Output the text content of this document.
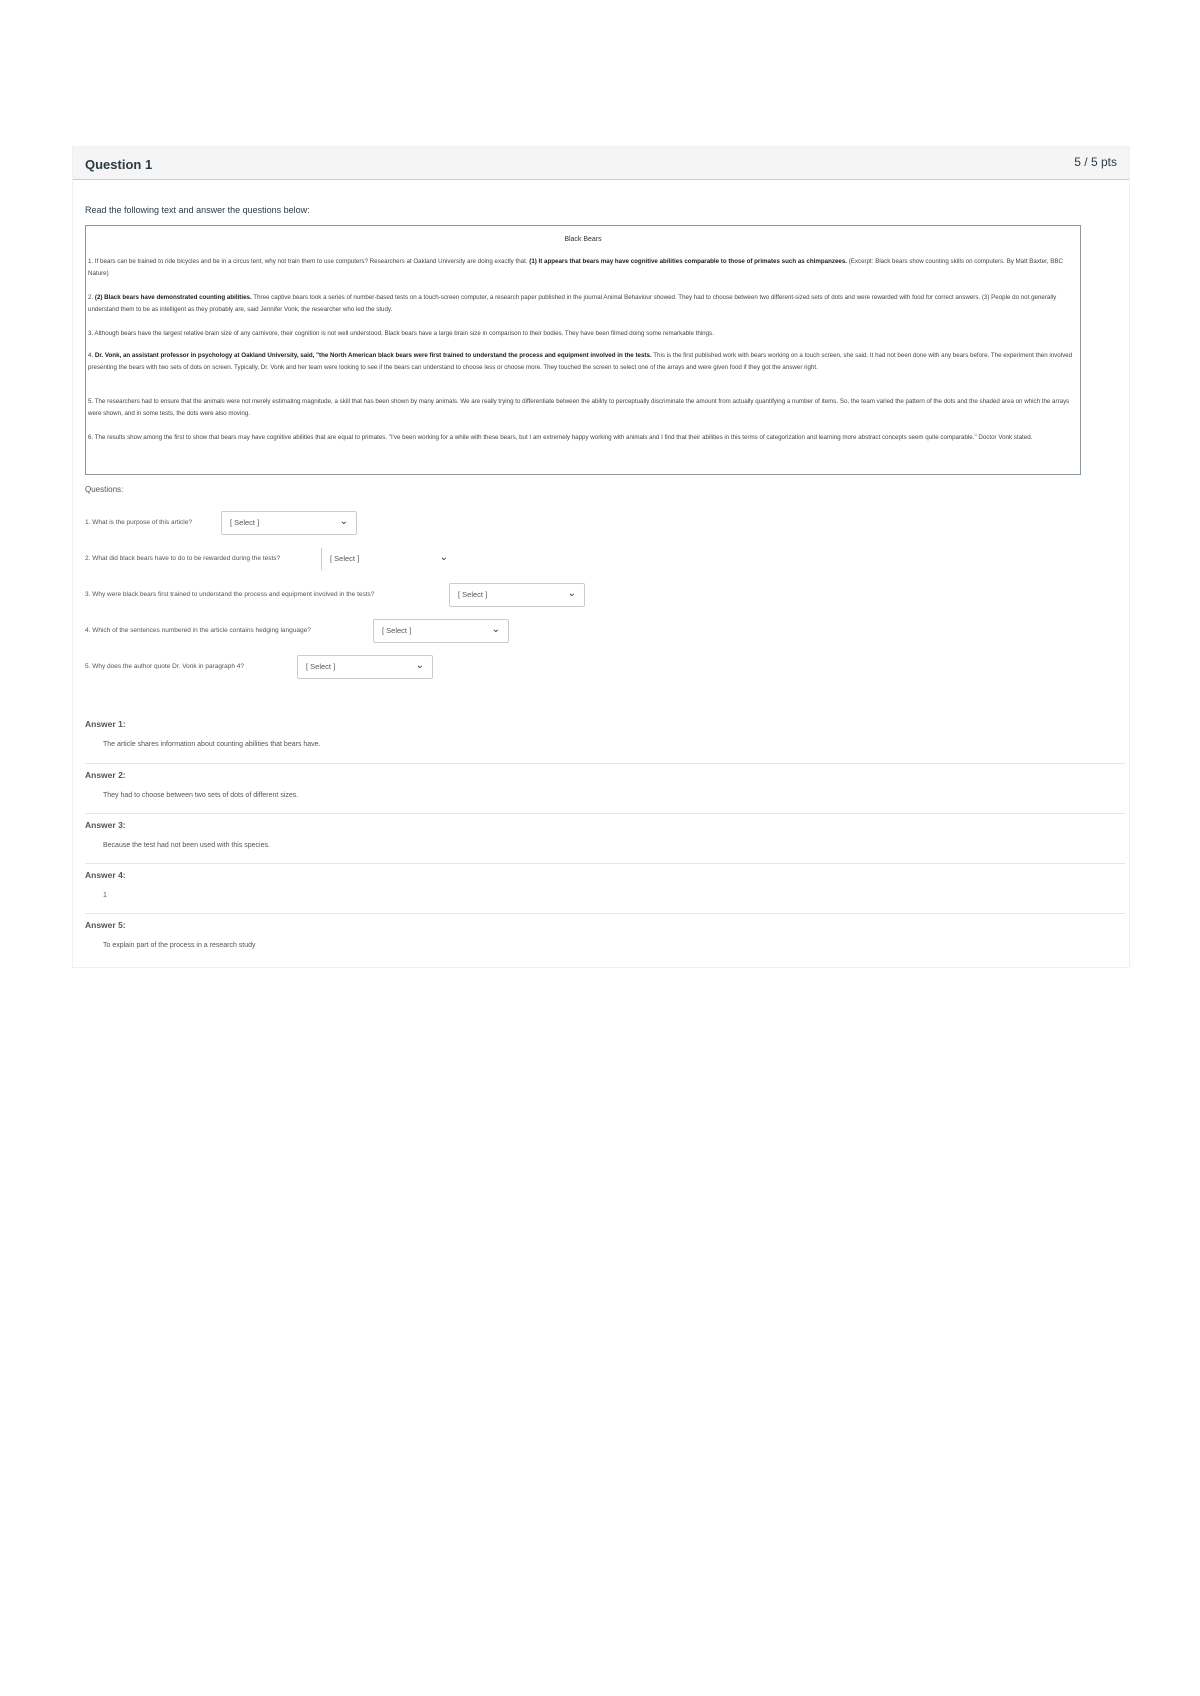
Question 1	5 / 5 pts
Read the following text and answer the questions below:
Black Bears
1. If bears can be trained to ride bicycles and be in a circus tent, why not train them to use computers? Researchers at Oakland University are doing exactly that. (1) It appears that bears may have cognitive abilities comparable to those of primates such as chimpanzees. (Excerpt: Black bears show counting skills on computers. By Matt Baxter, BBC Nature)
2. (2) Black bears have demonstrated counting abilities. Three captive bears took a series of number-based tests on a touch-screen computer, a research paper published in the journal Animal Behaviour showed. They had to choose between two different-sized sets of dots and were rewarded with food for correct answers. (3) People do not generally understand them to be as intelligent as they probably are, said Jennifer Vonk, the researcher who led the study.
3. Although bears have the largest relative brain size of any carnivore, their cognition is not well understood. Black bears have a large brain size in comparison to their bodies. They have been filmed doing some remarkable things.
4. Dr. Vonk, an assistant professor in psychology at Oakland University, said, "the North American black bears were first trained to understand the process and equipment involved in the tests. This is the first published work with bears working on a touch screen, she said. It had not been done with any bears before. The experiment then involved presenting the bears with two sets of dots on screen. Typically, Dr. Vonk and her team were looking to see if the bears can understand to choose less or choose more. They touched the screen to select one of the arrays and were given food if they got the answer right.
5. The researchers had to ensure that the animals were not merely estimating magnitude, a skill that has been shown by many animals. We are really trying to differentiate between the ability to perceptually discriminate the amount from actually quantifying a number of items. So, the team varied the pattern of the dots and the shaded area on which the arrays were shown, and in some tests, the dots were also moving.
6. The results show among the first to show that bears may have cognitive abilities that are equal to primates. "I've been working for a while with these bears, but I am extremely happy working with animals and I find that their abilities in this terms of categorization and learning more abstract concepts seem quite comparable." Doctor Vonk stated.
Questions:
1. What is the purpose of this article?	[ Select ]	⌄
2. What did black bears have to do to be rewarded during the tests?	[ Select ]	⌄
3. Why were black bears first trained to understand the process and equipment involved in the tests?	[ Select ]	⌄
4. Which of the sentences numbered in the article contains hedging language?	[ Select ]	⌄
5. Why does the author quote Dr. Vonk in paragraph 4?	[ Select ]	⌄
Answer 1:
The article shares information about counting abilities that bears have.
Answer 2:
They had to choose between two sets of dots of different sizes.
Answer 3:
Because the test had not been used with this species.
Answer 4:
1
Answer 5:
To explain part of the process in a research study
